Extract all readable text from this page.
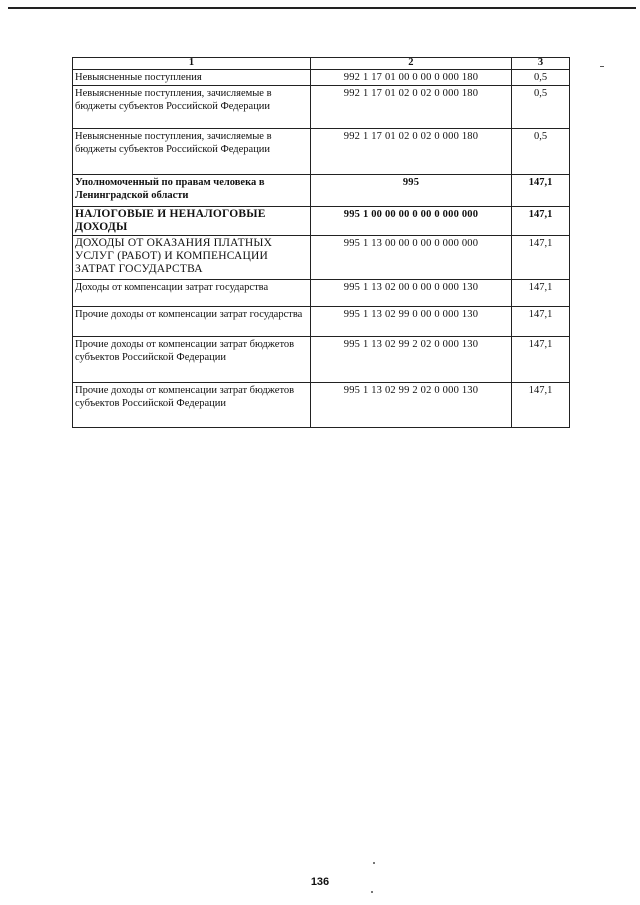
1	2	3
Невыясненные поступления	992 1 17 01 00 0 00 0 000 180	0,5
Невыясненные поступления, зачисляемые в бюджеты субъектов Российской Федерации	992 1 17 01 02 0 02 0 000 180	0,5
Невыясненные поступления, зачисляемые в бюджеты субъектов Российской Федерации	992 1 17 01 02 0 02 0 000 180	0,5
Уполномоченный по правам человека в Ленинградской области	995	147,1
НАЛОГОВЫЕ И НЕНАЛОГОВЫЕ ДОХОДЫ	995 1 00 00 00 0 00 0 000 000	147,1
ДОХОДЫ ОТ ОКАЗАНИЯ ПЛАТНЫХ УСЛУГ (РАБОТ) И КОМПЕНСАЦИИ ЗАТРАТ ГОСУДАРСТВА	995 1 13 00 00 0 00 0 000 000	147,1
Доходы от компенсации затрат государства	995 1 13 02 00 0 00 0 000 130	147,1
Прочие доходы от компенсации затрат государства	995 1 13 02 99 0 00 0 000 130	147,1
Прочие доходы от компенсации затрат бюджетов субъектов Российской Федерации	995 1 13 02 99 2 02 0 000 130	147,1
Прочие доходы от компенсации затрат бюджетов субъектов Российской Федерации	995 1 13 02 99 2 02 0 000 130	147,1
136
